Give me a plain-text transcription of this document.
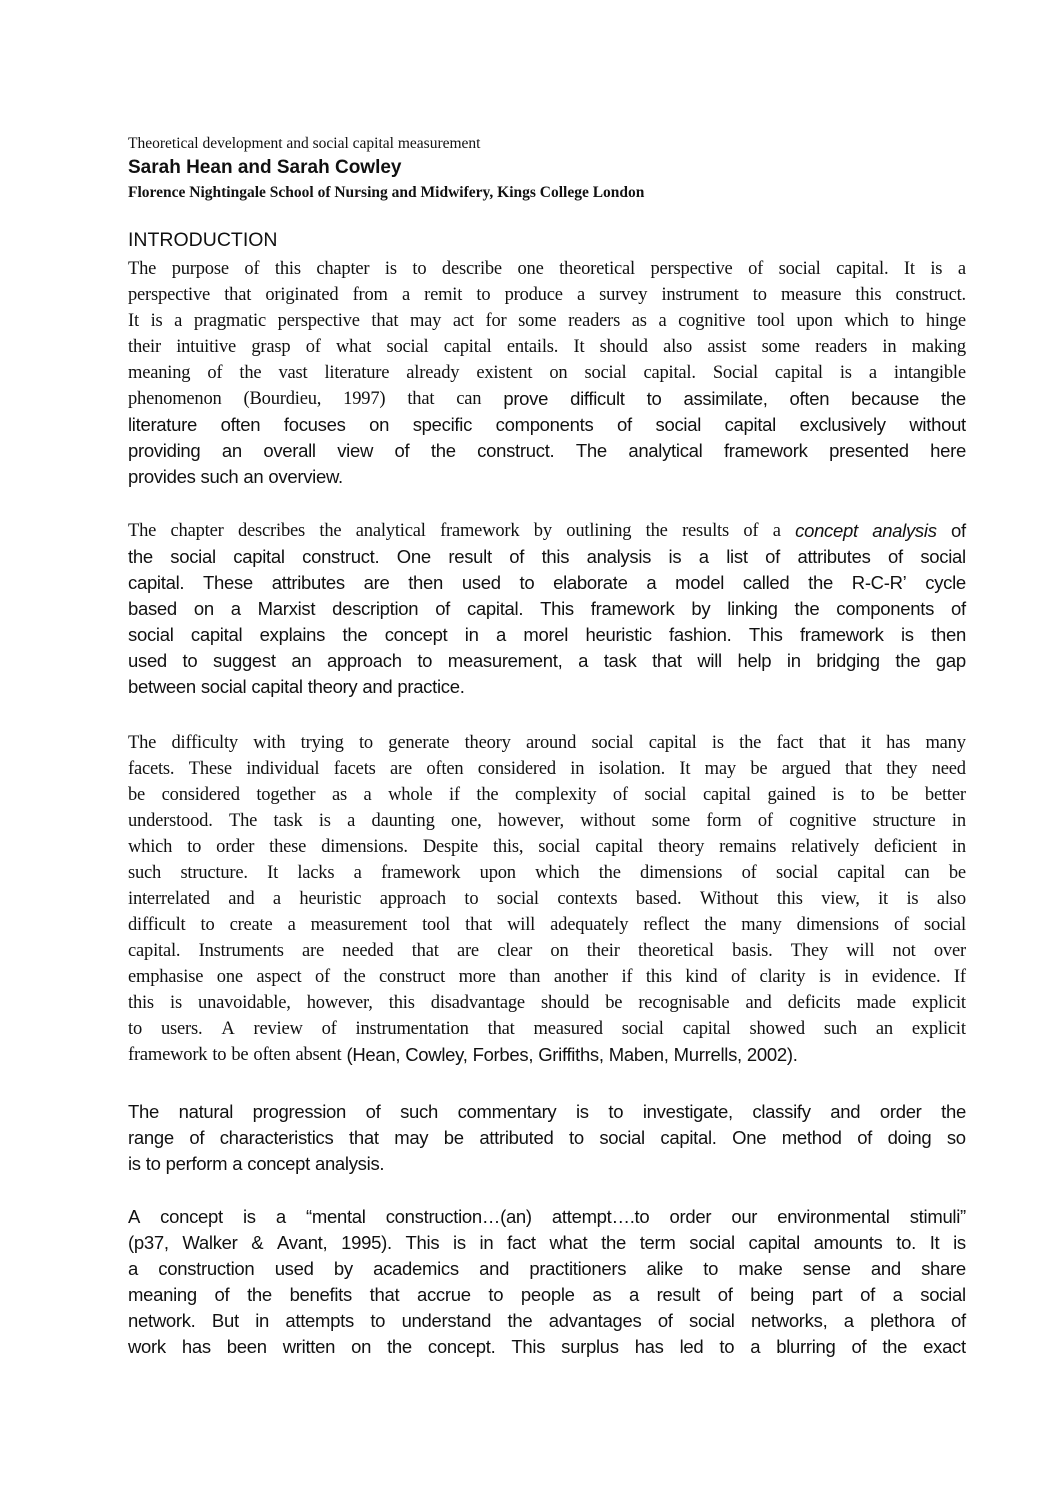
Theoretical development and social capital measurement
Sarah Hean and Sarah Cowley
Florence Nightingale School of Nursing and Midwifery, Kings College London
INTRODUCTION
The purpose of this chapter is to describe one theoretical perspective of social capital. It is a
perspective that originated from a remit to produce a survey instrument to measure this construct.
It is a pragmatic perspective that may act for some readers as a cognitive tool upon which to hinge
their intuitive grasp of what social capital entails. It should also assist some readers in making
meaning of the vast literature already existent on social capital. Social capital is a intangible
phenomenon (Bourdieu, 1997) that can prove difficult to assimilate, often because the
literature often focuses on specific components of social capital exclusively without
providing an overall view of the construct. The analytical framework presented here
provides such an overview.
The chapter describes the analytical framework by outlining the results of a concept analysis of
the social capital construct. One result of this analysis is a list of attributes of social
capital. These attributes are then used to elaborate a model called the R-C-R’ cycle
based on a Marxist description of capital. This framework by linking the components of
social capital explains the concept in a morel heuristic fashion. This framework is then
used to suggest an approach to measurement, a task that will help in bridging the gap
between social capital theory and practice.
The difficulty with trying to generate theory around social capital is the fact that it has many
facets. These individual facets are often considered in isolation. It may be argued that they need
be considered together as a whole if the complexity of social capital gained is to be better
understood. The task is a daunting one, however, without some form of cognitive structure in
which to order these dimensions. Despite this, social capital theory remains relatively deficient in
such structure. It lacks a framework upon which the dimensions of social capital can be
interrelated and a heuristic approach to social contexts based. Without this view, it is also
difficult to create a measurement tool that will adequately reflect the many dimensions of social
capital. Instruments are needed that are clear on their theoretical basis. They will not over
emphasise one aspect of the construct more than another if this kind of clarity is in evidence. If
this is unavoidable, however, this disadvantage should be recognisable and deficits made explicit
to users. A review of instrumentation that measured social capital showed such an explicit
framework to be often absent (Hean, Cowley, Forbes, Griffiths, Maben, Murrells, 2002).
The natural progression of such commentary is to investigate, classify and order the
range of characteristics that may be attributed to social capital. One method of doing so
is to perform a concept analysis.
A concept is a “mental construction…(an) attempt….to order our environmental stimuli”
(p37, Walker & Avant, 1995). This is in fact what the term social capital amounts to. It is
a construction used by academics and practitioners alike to make sense and share
meaning of the benefits that accrue to people as a result of being part of a social
network. But in attempts to understand the advantages of social networks, a plethora of
work has been written on the concept. This surplus has led to a blurring of the exact
